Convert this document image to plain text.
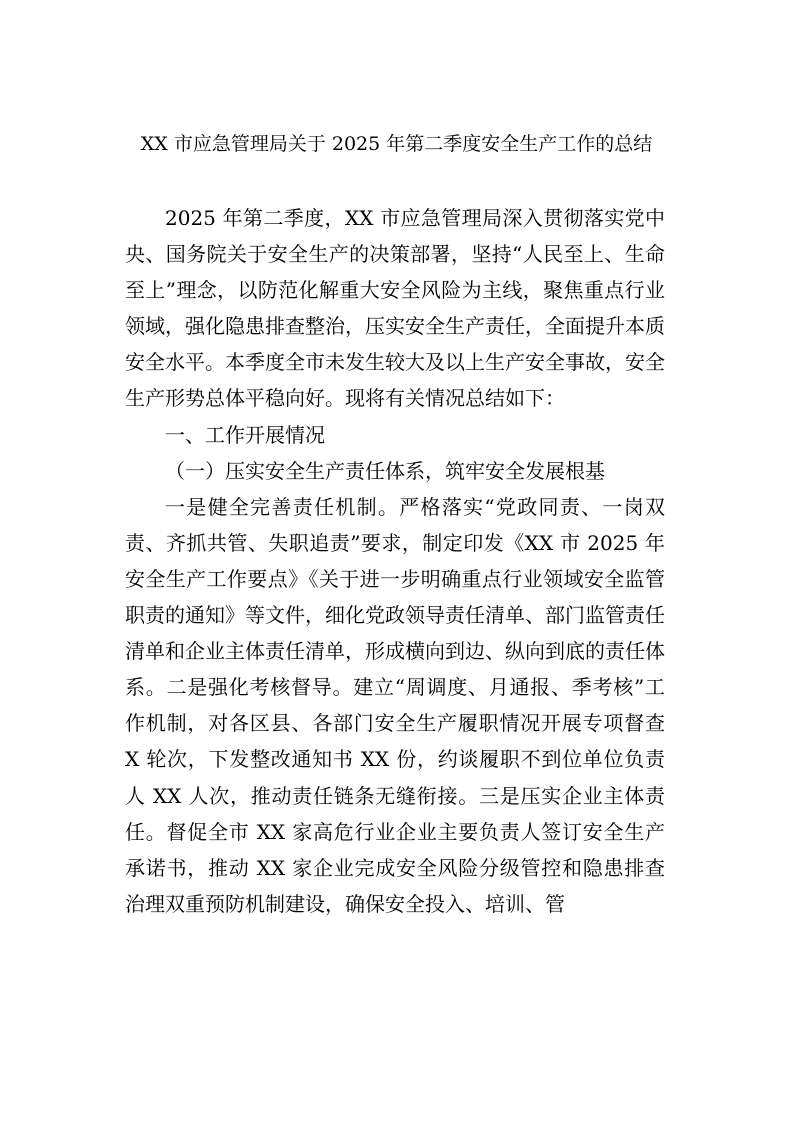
XX 市应急管理局关于 2025 年第二季度安全生产工作的总结

2025 年第二季度，XX 市应急管理局深入贯彻落实党中央、国务院关于安全生产的决策部署，坚持“人民至上、生命至上”理念，以防范化解重大安全风险为主线，聚焦重点行业领域，强化隐患排查整治，压实安全生产责任，全面提升本质安全水平。本季度全市未发生较大及以上生产安全事故，安全生产形势总体平稳向好。现将有关情况总结如下：

一、工作开展情况

（一）压实安全生产责任体系，筑牢安全发展根基

一是健全完善责任机制。严格落实“党政同责、一岗双责、齐抓共管、失职追责”要求，制定印发《XX 市 2025 年安全生产工作要点》《关于进一步明确重点行业领域安全监管职责的通知》等文件，细化党政领导责任清单、部门监管责任清单和企业主体责任清单，形成横向到边、纵向到底的责任体系。二是强化考核督导。建立“周调度、月通报、季考核”工作机制，对各区县、各部门安全生产履职情况开展专项督查 X 轮次，下发整改通知书 XX 份，约谈履职不到位单位负责人 XX 人次，推动责任链条无缝衔接。三是压实企业主体责任。督促全市 XX 家高危行业企业主要负责人签订安全生产承诺书，推动 XX 家企业完成安全风险分级管控和隐患排查治理双重预防机制建设，确保安全投入、培训、管
